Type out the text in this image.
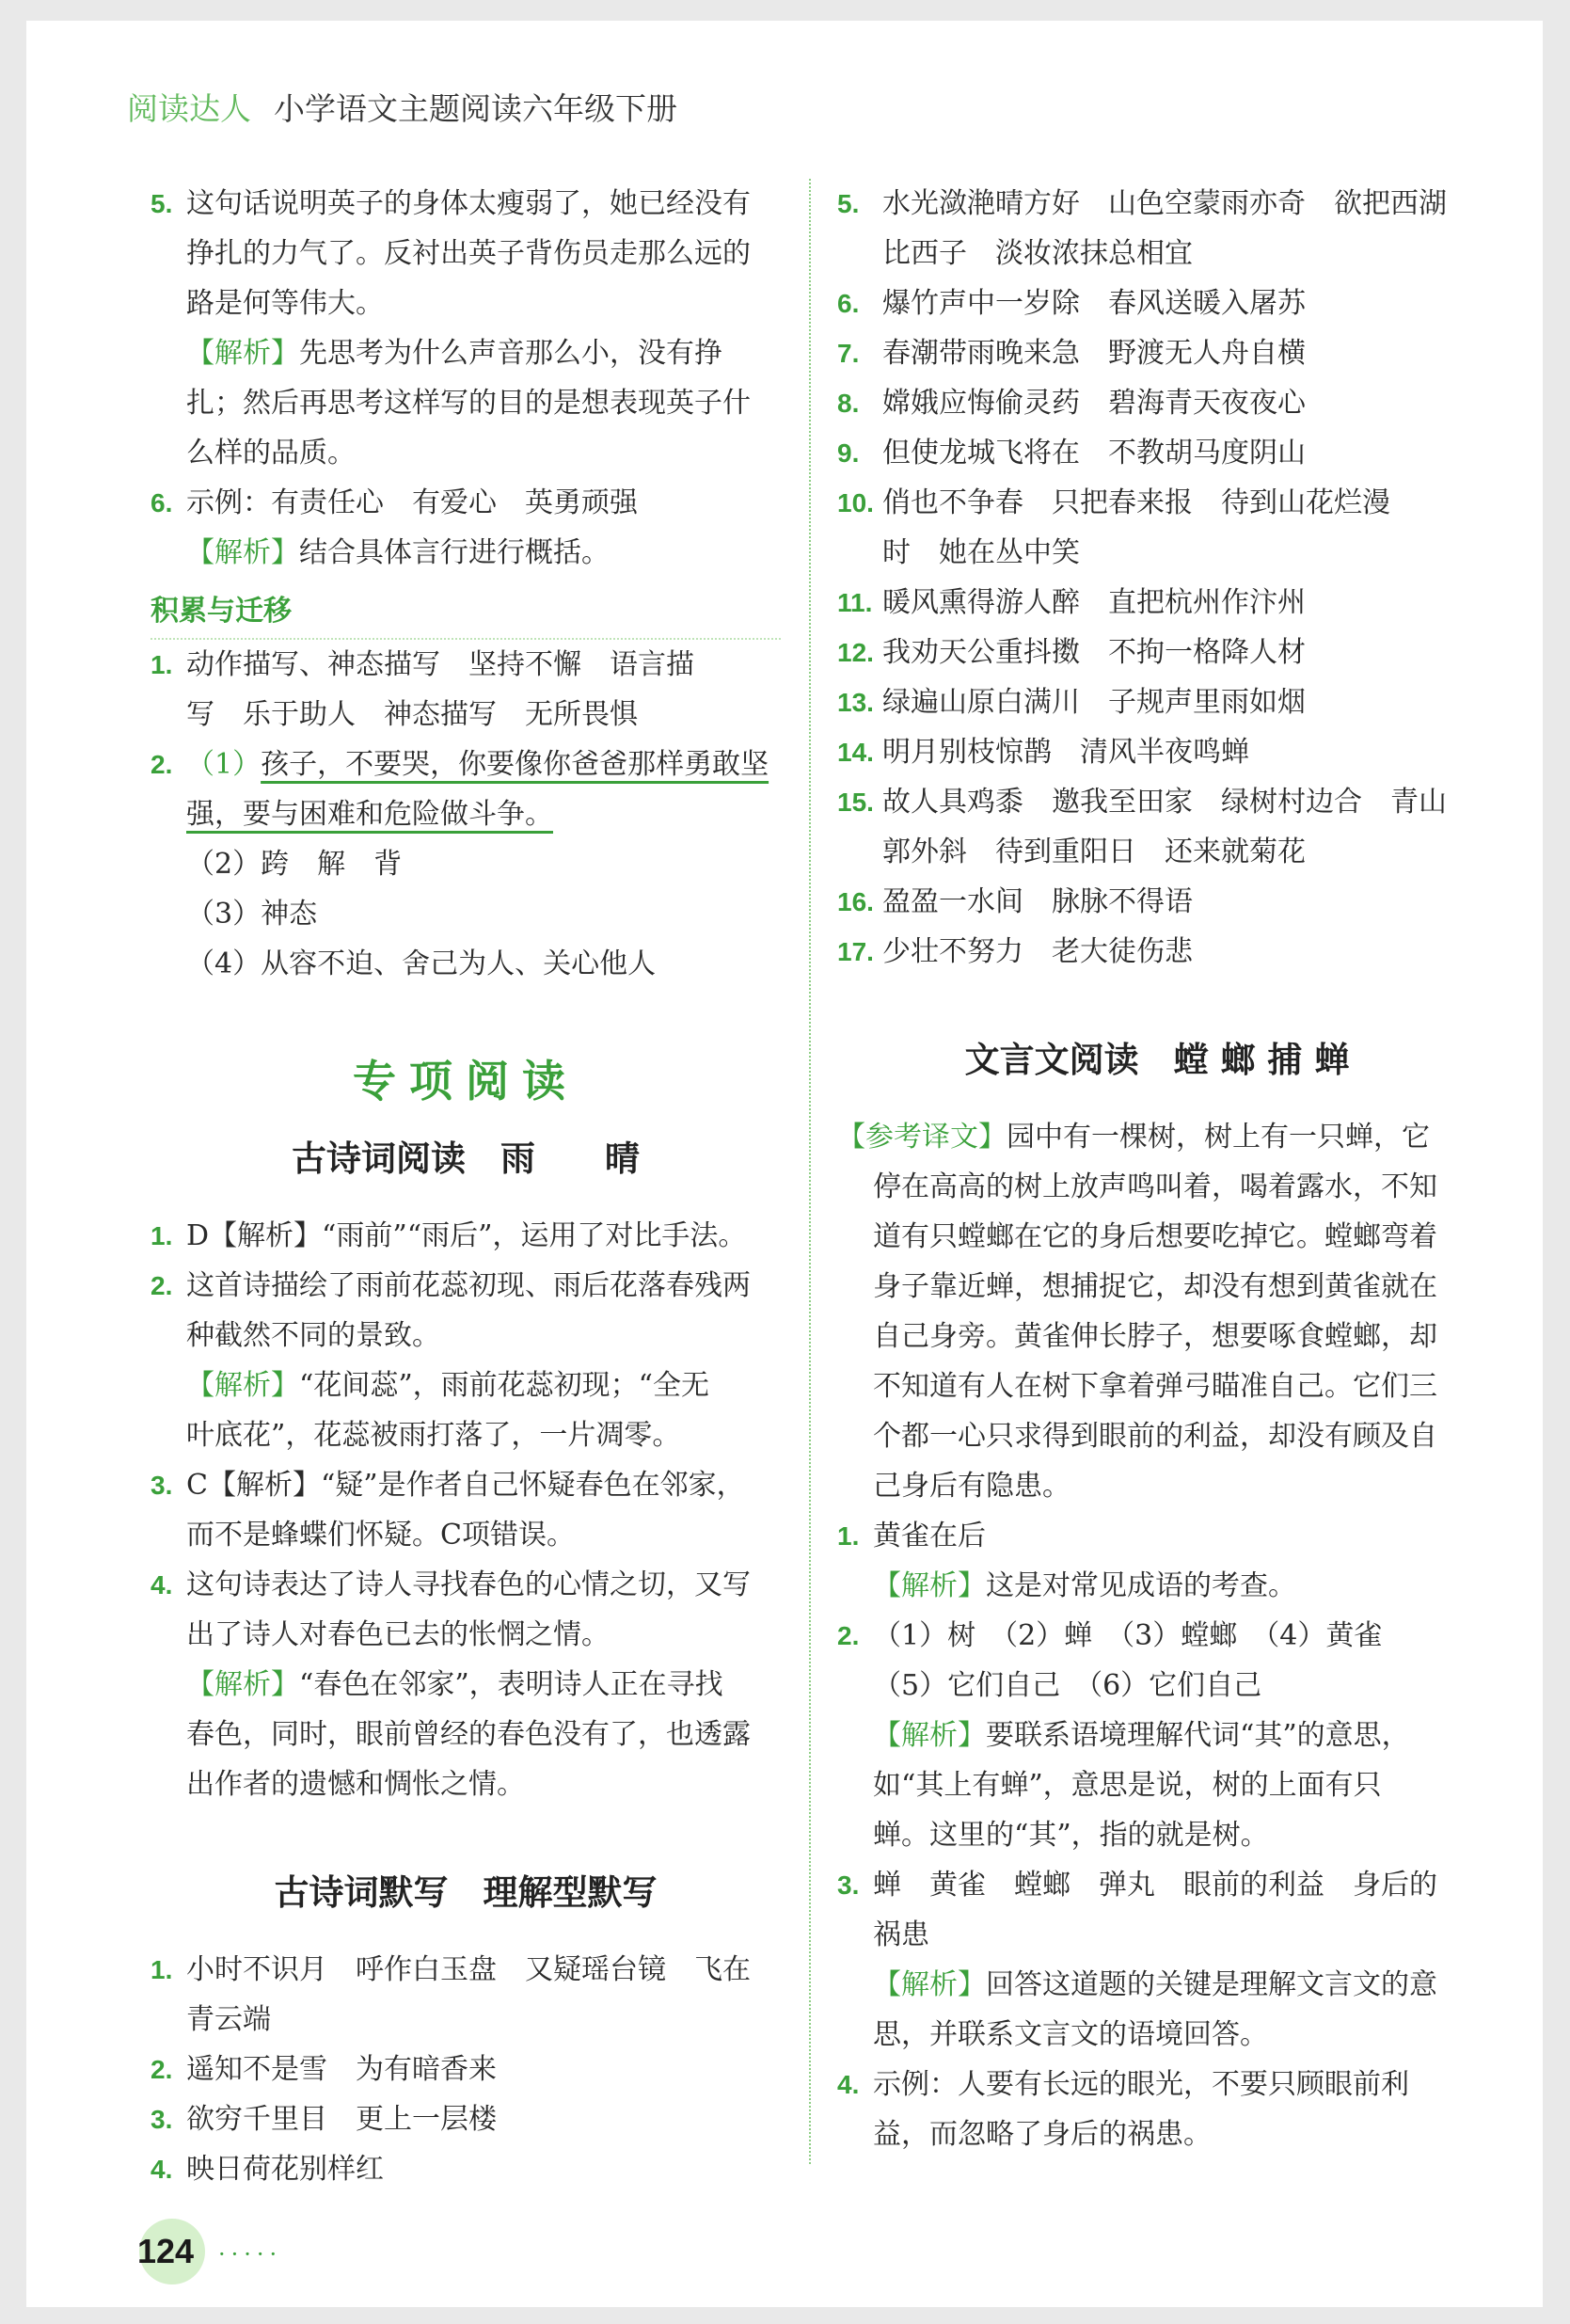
阅读达人 小学语文主题阅读六年级下册
5. 这句话说明英子的身体太瘦弱了，她已经没有
挣扎的力气了。反衬出英子背伤员走那么远的
路是何等伟大。
【解析】先思考为什么声音那么小，没有挣
扎；然后再思考这样写的目的是想表现英子什
么样的品质。
6. 示例：有责任心　有爱心　英勇顽强
【解析】结合具体言行进行概括。
积累与迁移
1. 动作描写、神态描写　坚持不懈　语言描
写　乐于助人　神态描写　无所畏惧
2. （1）孩子，不要哭，你要像你爸爸那样勇敢坚
强，要与困难和危险做斗争。
（2）跨　解　背
（3）神态
（4）从容不迫、舍己为人、关心他人
专项阅读
古诗词阅读　雨　　晴
1. D【解析】“雨前”“雨后”，运用了对比手法。
2. 这首诗描绘了雨前花蕊初现、雨后花落春残两
种截然不同的景致。
【解析】“花间蕊”，雨前花蕊初现；“全无
叶底花”，花蕊被雨打落了，一片凋零。
3. C【解析】“疑”是作者自己怀疑春色在邻家，
而不是蜂蝶们怀疑。C项错误。
4. 这句诗表达了诗人寻找春色的心情之切，又写
出了诗人对春色已去的怅惘之情。
【解析】“春色在邻家”，表明诗人正在寻找
春色，同时，眼前曾经的春色没有了，也透露
出作者的遗憾和惆怅之情。
古诗词默写　理解型默写
1. 小时不识月　呼作白玉盘　又疑瑶台镜　飞在
青云端
2. 遥知不是雪　为有暗香来
3. 欲穷千里目　更上一层楼
4. 映日荷花别样红
5. 水光潋滟晴方好　山色空蒙雨亦奇　欲把西湖
比西子　淡妆浓抹总相宜
6. 爆竹声中一岁除　春风送暖入屠苏
7. 春潮带雨晚来急　野渡无人舟自横
8. 嫦娥应悔偷灵药　碧海青天夜夜心
9. 但使龙城飞将在　不教胡马度阴山
10. 俏也不争春　只把春来报　待到山花烂漫
时　她在丛中笑
11. 暖风熏得游人醉　直把杭州作汴州
12. 我劝天公重抖擞　不拘一格降人材
13. 绿遍山原白满川　子规声里雨如烟
14. 明月别枝惊鹊　清风半夜鸣蝉
15. 故人具鸡黍　邀我至田家　绿树村边合　青山
郭外斜　待到重阳日　还来就菊花
16. 盈盈一水间　脉脉不得语
17. 少壮不努力　老大徒伤悲
文言文阅读　螳 螂 捕 蝉
【参考译文】园中有一棵树，树上有一只蝉，它
停在高高的树上放声鸣叫着，喝着露水，不知
道有只螳螂在它的身后想要吃掉它。螳螂弯着
身子靠近蝉，想捕捉它，却没有想到黄雀就在
自己身旁。黄雀伸长脖子，想要啄食螳螂，却
不知道有人在树下拿着弹弓瞄准自己。它们三
个都一心只求得到眼前的利益，却没有顾及自
己身后有隐患。
1. 黄雀在后
【解析】这是对常见成语的考查。
2. （1）树　（2）蝉　（3）螳螂　（4）黄雀
（5）它们自己　（6）它们自己
【解析】要联系语境理解代词“其”的意思，
如“其上有蝉”，意思是说，树的上面有只
蝉。这里的“其”，指的就是树。
3. 蝉　黄雀　螳螂　弹丸　眼前的利益　身后的
祸患
【解析】回答这道题的关键是理解文言文的意
思，并联系文言文的语境回答。
4. 示例：人要有长远的眼光，不要只顾眼前利
益，而忽略了身后的祸患。
124 ·····
